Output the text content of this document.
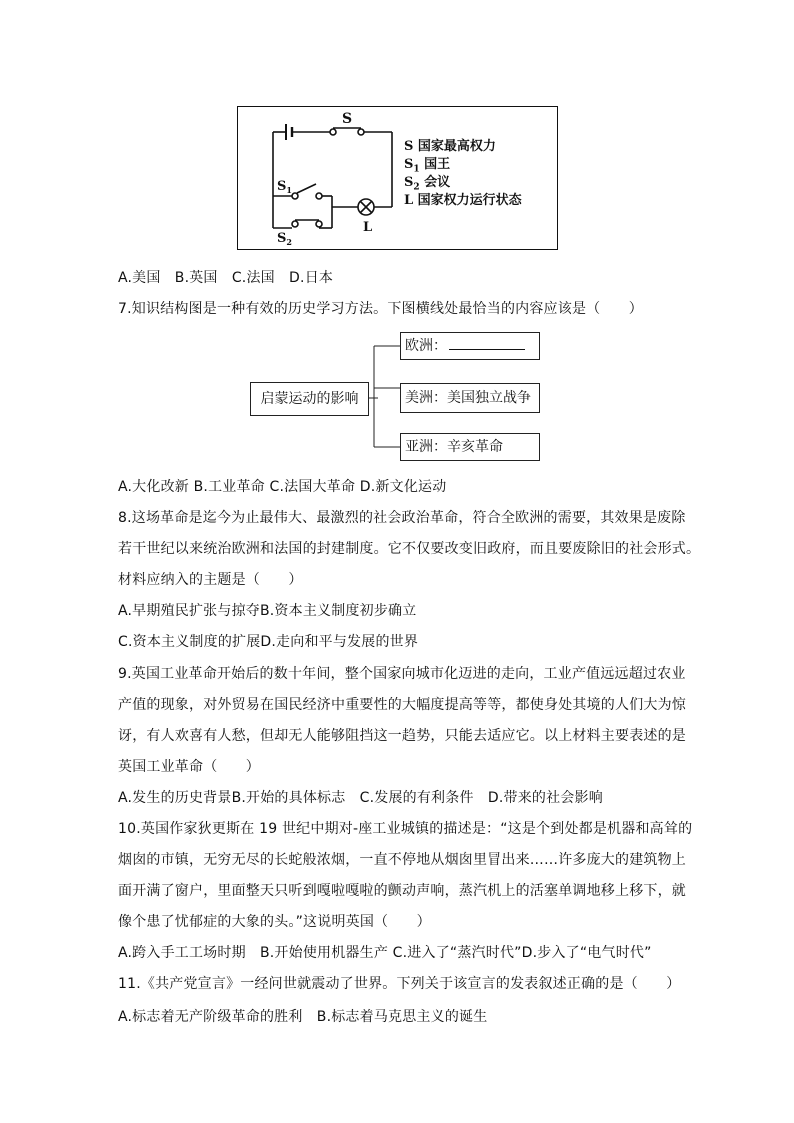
S
$S_1$
$S_2$
L
S 国家最高权力
$S_1$ 国王
$S_2$ 会议
L 国家权力运行状态
A.美国　B.英国　C.法国　D.日本
7.知识结构图是一种有效的历史学习方法。下图横线处最恰当的内容应该是（　　）
启蒙运动的影响
欧洲：
美洲：美国独立战争
亚洲：辛亥革命
A.大化改新 B.工业革命 C.法国大革命 D.新文化运动
8.这场革命是迄今为止最伟大、最激烈的社会政治革命，符合全欧洲的需要，其效果是废除
若干世纪以来统治欧洲和法国的封建制度。它不仅要改变旧政府，而且要废除旧的社会形式。
材料应纳入的主题是（　　）
A.早期殖民扩张与掠夺B.资本主义制度初步确立
C.资本主义制度的扩展D.走向和平与发展的世界
9.英国工业革命开始后的数十年间，整个国家向城市化迈进的走向，工业产值远远超过农业
产值的现象，对外贸易在国民经济中重要性的大幅度提高等等，都使身处其境的人们大为惊
讶，有人欢喜有人愁，但却无人能够阻挡这一趋势，只能去适应它。以上材料主要表述的是
英国工业革命（　　）
A.发生的历史背景B.开始的具体标志　C.发展的有利条件　D.带来的社会影响
10.英国作家狄更斯在 19 世纪中期对-座工业城镇的描述是：“这是个到处都是机器和高耸的
烟囱的市镇，无穷无尽的长蛇般浓烟，一直不停地从烟囱里冒出来……许多庞大的建筑物上
面开满了窗户，里面整天只听到嘎啦嘎啦的颤动声响，蒸汽机上的活塞单调地移上移下，就
像个患了忧郁症的大象的头。”这说明英国（　　）
A.跨入手工工场时期　B.开始使用机器生产 C.进入了“蒸汽时代”D.步入了“电气时代”
11.《共产党宣言》一经问世就震动了世界。下列关于该宣言的发表叙述正确的是（　　）
A.标志着无产阶级革命的胜利　B.标志着马克思主义的诞生
